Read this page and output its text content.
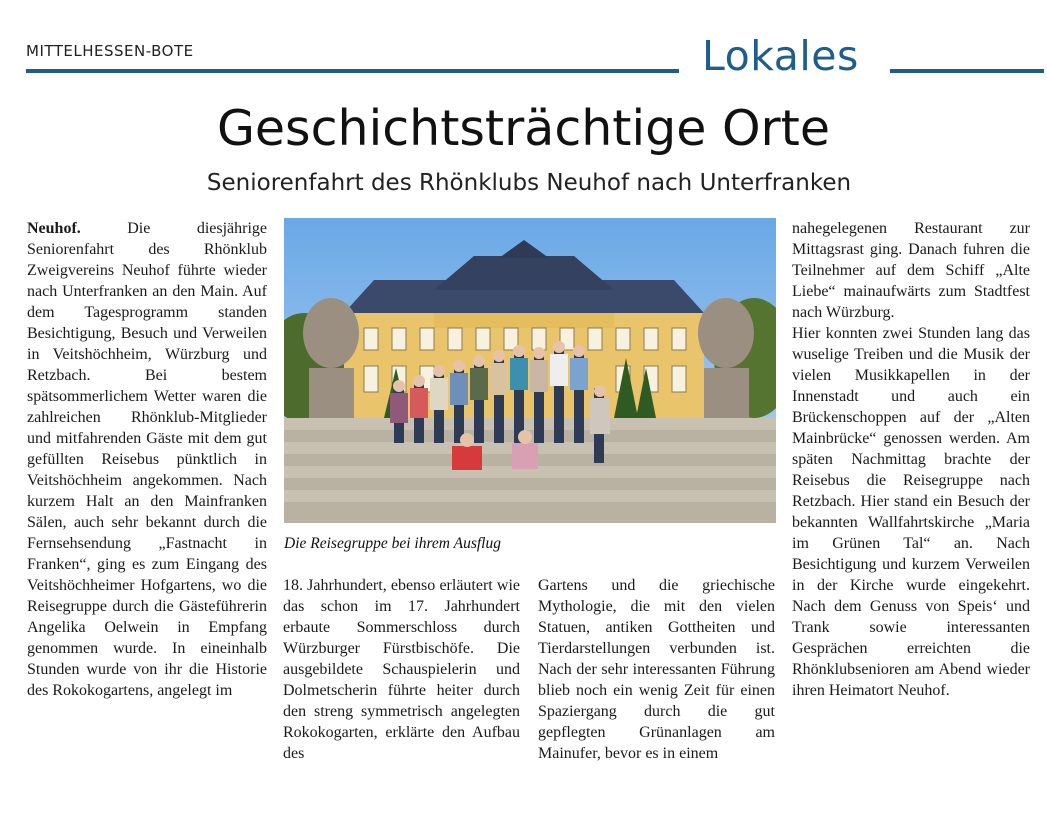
MITTELHESSEN-BOTE	Lokales
Geschichtsträchtige Orte
Seniorenfahrt des Rhönklubs Neuhof nach Unterfranken

Neuhof.	Die diesjährige Seniorenfahrt des Rhönklub Zweigvereins Neuhof führte wieder nach Unterfranken an den Main. Auf dem Tagesprogramm standen Besichtigung, Besuch und Verweilen in Veitshöchheim, Würzburg und Retzbach. Bei bestem spätsommerlichem Wetter waren die zahlreichen Rhönklub-Mitglieder und mitfahrenden Gäste mit dem gut gefüllten Reisebus pünktlich in Veitshöchheim angekommen. Nach kurzem Halt an den Mainfranken Sälen, auch sehr bekannt durch die Fernsehsendung „Fastnacht in Franken“, ging es zum Eingang des Veitshöchheimer Hofgartens, wo die Reisegruppe durch die Gästeführerin Angelika Oelwein in Empfang genommen wurde. In eineinhalb Stunden wurde von ihr die Historie des Rokokogartens, angelegt im

Die Reisegruppe bei ihrem Ausflug

18. Jahrhundert, ebenso erläutert wie das schon im 17. Jahrhundert erbaute Sommerschloss durch Würzburger Fürstbischöfe. Die ausgebildete Schauspielerin und Dolmetscherin führte heiter durch den streng symmetrisch angelegten Rokokogarten, erklärte den Aufbau des

Gartens und die griechische Mythologie, die mit den vielen Statuen, antiken Gottheiten und Tierdarstellungen verbunden ist. Nach der sehr interessanten Führung blieb noch ein wenig Zeit für einen Spaziergang durch die gut gepflegten Grünanlagen am Mainufer, bevor es in einem

nahegelegenen Restaurant zur Mittagsrast ging. Danach fuhren die Teilnehmer auf dem Schiff „Alte Liebe“ mainaufwärts zum Stadtfest nach Würzburg.

Hier konnten zwei Stunden lang das wuselige Treiben und die Musik der vielen Musikkapellen in der Innenstadt und auch ein Brückenschoppen auf der „Alten Mainbrücke“ genossen werden. Am späten Nachmittag brachte der Reisebus die Reisegruppe nach Retzbach. Hier stand ein Besuch der bekannten Wallfahrtskirche „Maria im Grünen Tal“ an. Nach Besichtigung und kurzem Verweilen in der Kirche wurde eingekehrt. Nach dem Genuss von Speis‘ und Trank sowie interessanten Gesprächen erreichten die Rhönklubsenioren am Abend wieder ihren Heimatort Neuhof.
